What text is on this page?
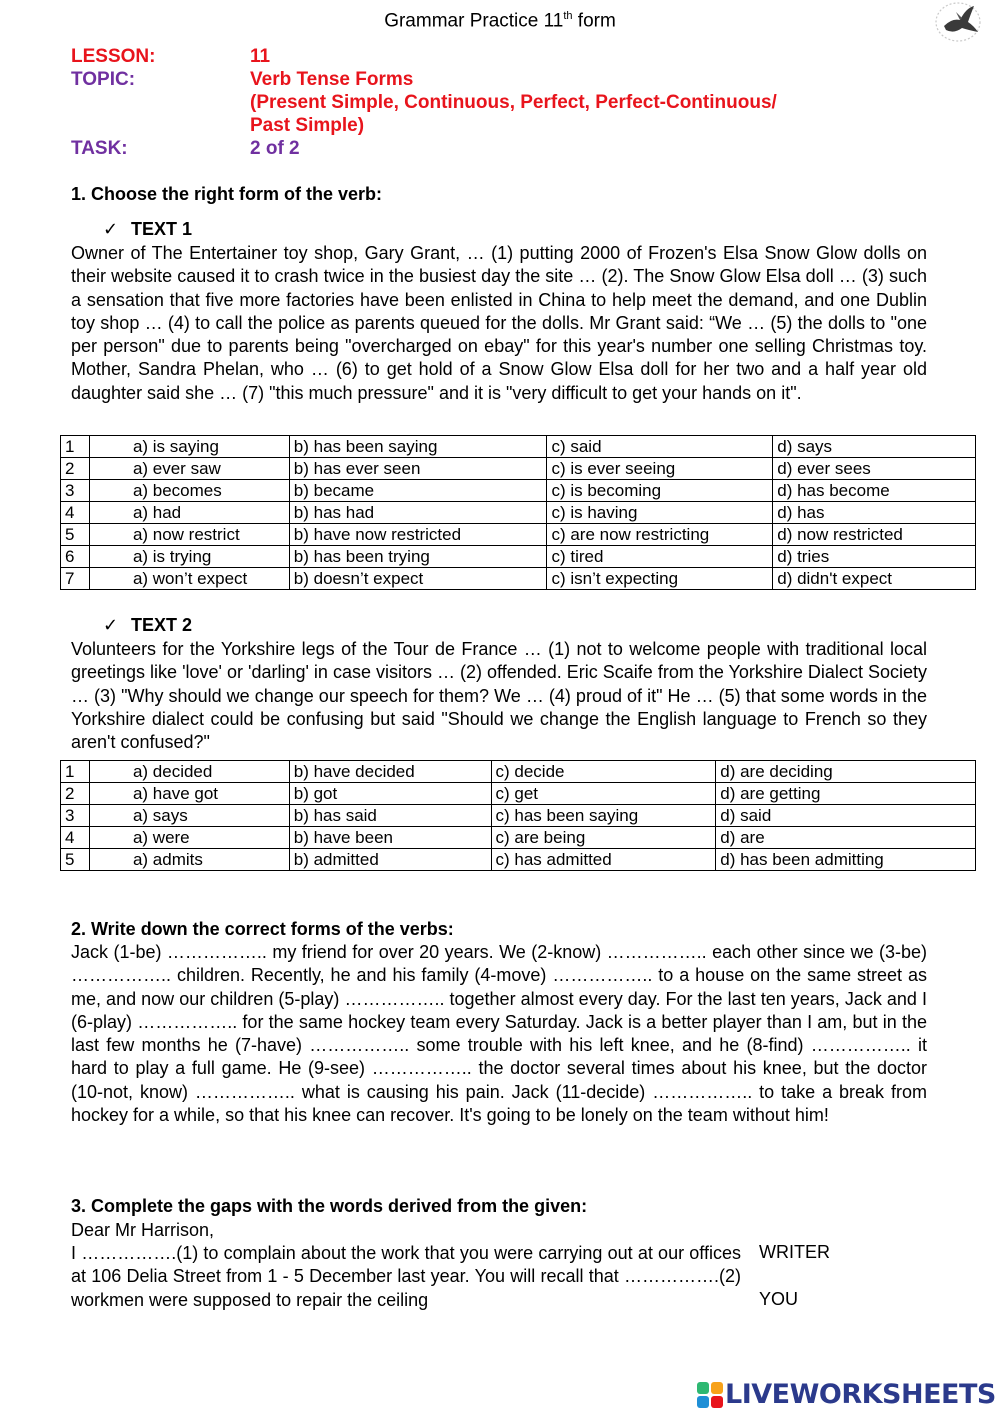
Grammar Practice 11th form
LESSON:	11
TOPIC:	Verb Tense Forms
(Present Simple, Continuous, Perfect, Perfect-Continuous/
Past Simple)
TASK:	2 of 2
1. Choose the right form of the verb:
✓ TEXT 1
Owner of The Entertainer toy shop, Gary Grant, … (1) putting 2000 of Frozen's Elsa Snow Glow dolls on their website caused it to crash twice in the busiest day the site … (2). The Snow Glow Elsa doll … (3) such a sensation that five more factories have been enlisted in China to help meet the demand, and one Dublin toy shop … (4) to call the police as parents queued for the dolls. Mr Grant said: “We … (5) the dolls to "one per person" due to parents being "overcharged on ebay" for this year's number one selling Christmas toy. Mother, Sandra Phelan, who … (6) to get hold of a Snow Glow Elsa doll for her two and a half year old daughter said she … (7) "this much pressure" and it is "very difficult to get your hands on it".
1	a) is saying	b) has been saying	c) said	d) says
2	a) ever saw	b) has ever seen	c) is ever seeing	d) ever sees
3	a) becomes	b) became	c) is becoming	d) has become
4	a) had	b) has had	c) is having	d) has
5	a) now restrict	b) have now restricted	c) are now restricting	d) now restricted
6	a) is trying	b) has been trying	c) tired	d) tries
7	a) won’t expect	b) doesn’t expect	c) isn’t expecting	d) didn't expect
✓ TEXT 2
Volunteers for the Yorkshire legs of the Tour de France … (1) not to welcome people with traditional local greetings like 'love' or 'darling' in case visitors … (2) offended. Eric Scaife from the Yorkshire Dialect Society … (3) "Why should we change our speech for them? We … (4) proud of it" He … (5) that some words in the Yorkshire dialect could be confusing but said "Should we change the English language to French so they aren't confused?"
1	a) decided	b) have decided	c) decide	d) are deciding
2	a) have got	b) got	c) get	d) are getting
3	a) says	b) has said	c) has been saying	d) said
4	a) were	b) have been	c) are being	d) are
5	a) admits	b) admitted	c) has admitted	d) has been admitting
2. Write down the correct forms of the verbs:
Jack (1-be) …………….. my friend for over 20 years. We (2-know) …………….. each other since we (3-be) …………….. children. Recently, he and his family (4-move) …………….. to a house on the same street as me, and now our children (5-play) …………….. together almost every day. For the last ten years, Jack and I (6-play) …………….. for the same hockey team every Saturday. Jack is a better player than I am, but in the last few months he (7-have) …………….. some trouble with his left knee, and he (8-find) …………….. it hard to play a full game. He (9-see) …………….. the doctor several times about his knee, but the doctor (10-not, know) …………….. what is causing his pain. Jack (11-decide) …………….. to take a break from hockey for a while, so that his knee can recover. It's going to be lonely on the team without him!
3. Complete the gaps with the words derived from the given:
Dear Mr Harrison,
I …………….(1) to complain about the work that you were carrying out at our offices at 106 Delia Street from 1 - 5 December last year. You will recall that …………….(2) workmen were supposed to repair the ceiling
WRITER
YOU
LIVEWORKSHEETS
